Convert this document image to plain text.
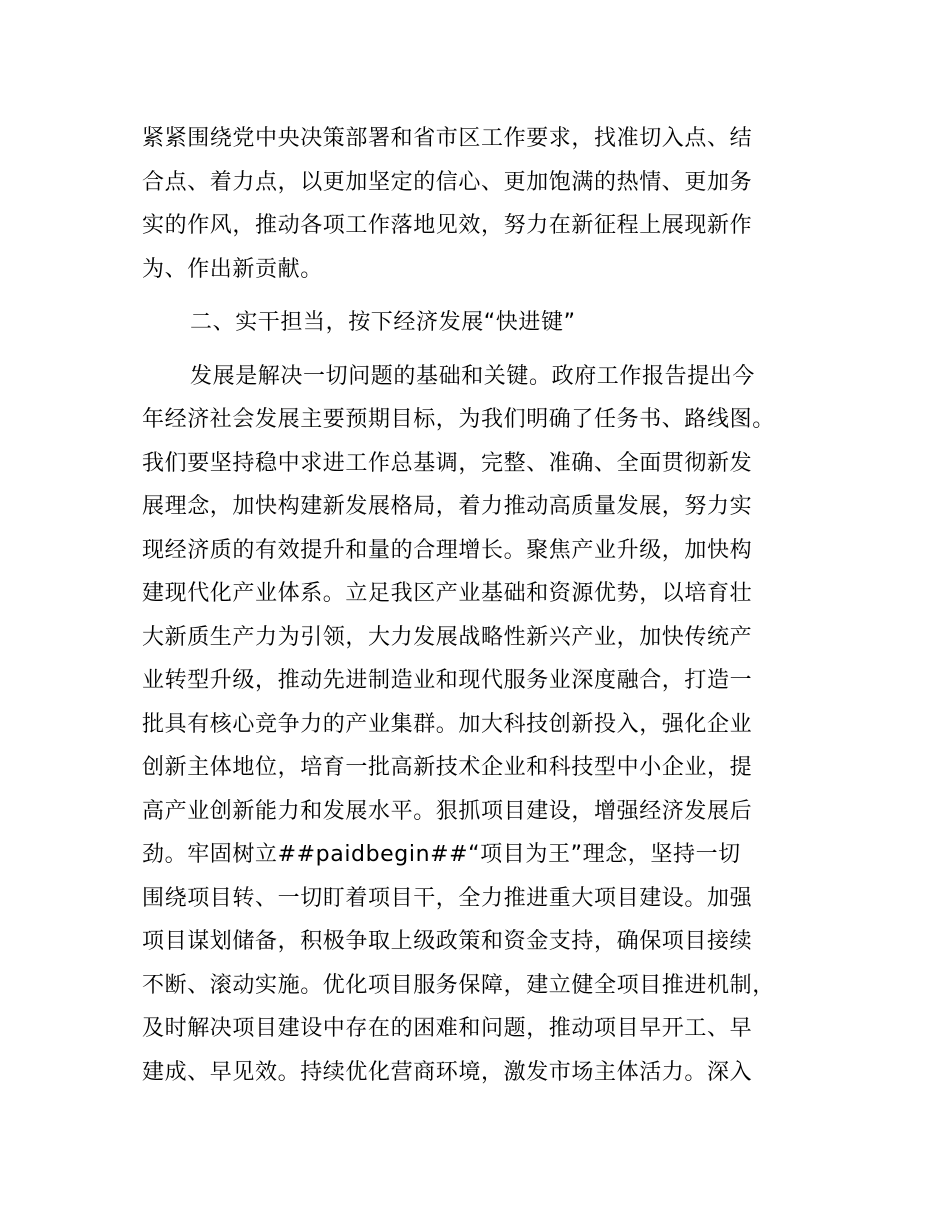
紧紧围绕党中央决策部署和省市区工作要求，找准切入点、结
合点、着力点，以更加坚定的信心、更加饱满的热情、更加务
实的作风，推动各项工作落地见效，努力在新征程上展现新作
为、作出新贡献。
二、实干担当，按下经济发展“快进键”
发展是解决一切问题的基础和关键。政府工作报告提出今
年经济社会发展主要预期目标，为我们明确了任务书、路线图。
我们要坚持稳中求进工作总基调，完整、准确、全面贯彻新发
展理念，加快构建新发展格局，着力推动高质量发展，努力实
现经济质的有效提升和量的合理增长。聚焦产业升级，加快构
建现代化产业体系。立足我区产业基础和资源优势，以培育壮
大新质生产力为引领，大力发展战略性新兴产业，加快传统产
业转型升级，推动先进制造业和现代服务业深度融合，打造一
批具有核心竞争力的产业集群。加大科技创新投入，强化企业
创新主体地位，培育一批高新技术企业和科技型中小企业，提
高产业创新能力和发展水平。狠抓项目建设，增强经济发展后
劲。牢固树立##paidbegin##“项目为王”理念，坚持一切
围绕项目转、一切盯着项目干，全力推进重大项目建设。加强
项目谋划储备，积极争取上级政策和资金支持，确保项目接续
不断、滚动实施。优化项目服务保障，建立健全项目推进机制，
及时解决项目建设中存在的困难和问题，推动项目早开工、早
建成、早见效。持续优化营商环境，激发市场主体活力。深入
